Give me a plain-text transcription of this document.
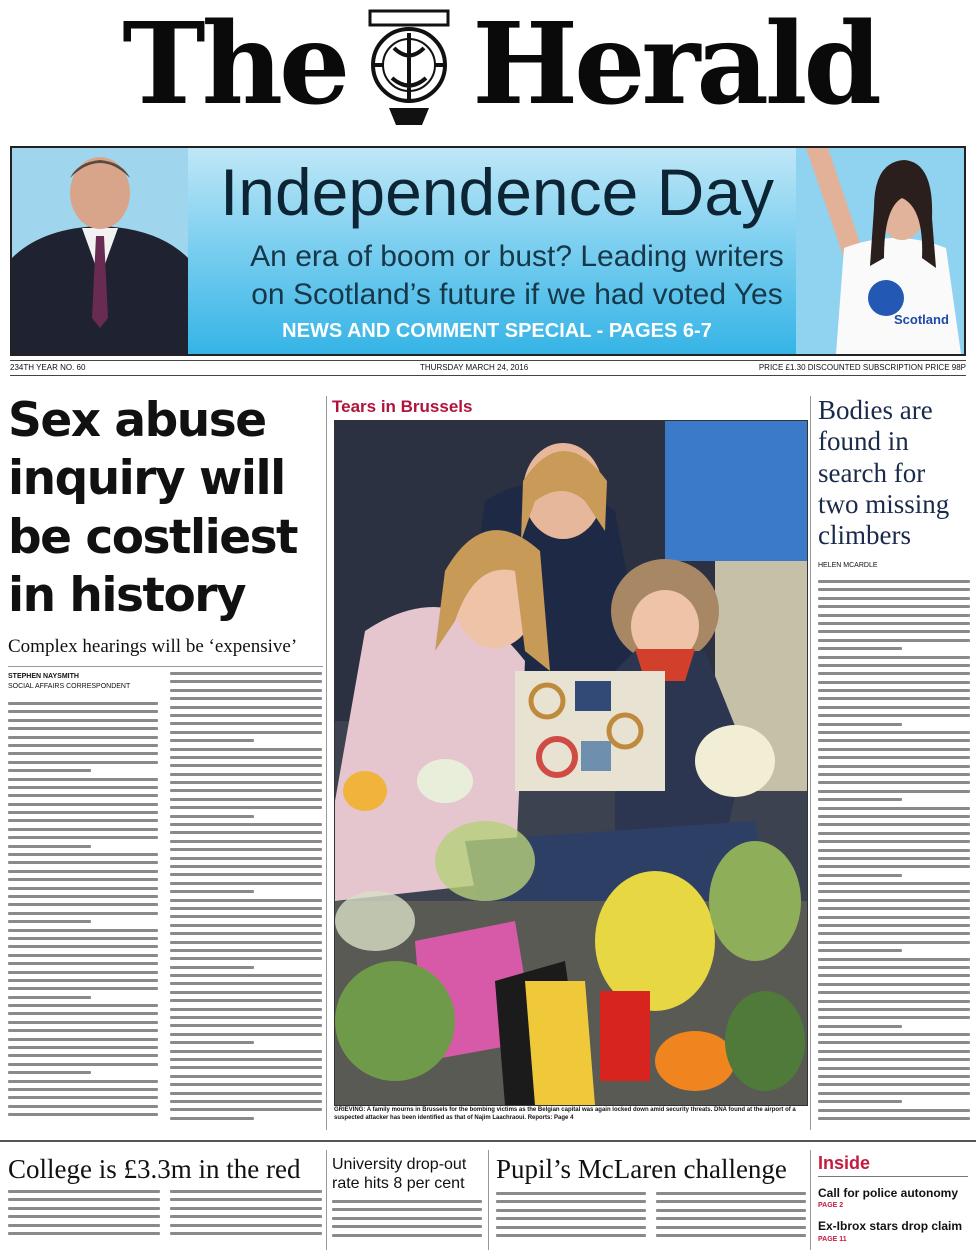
The Herald
Independence Day
An era of boom or bust? Leading writers
on Scotland’s future if we had voted Yes
NEWS AND COMMENT SPECIAL - PAGES 6-7
Scotland
234TH YEAR NO. 60	THURSDAY MARCH 24, 2016	PRICE £1.30 DISCOUNTED SUBSCRIPTION PRICE 98P
Sex abuse inquiry will be costliest in history
Complex hearings will be ‘expensive’
STEPHEN NAYSMITH
SOCIAL AFFAIRS CORRESPONDENT
Tears in Brussels
GRIEVING: A family mourns in Brussels for the bombing victims as the Belgian capital was again locked down amid security threats. DNA found at the airport of a suspected attacker has been identified as that of Najim Laachraoui. Reports: Page 4
Bodies are found in search for two missing climbers
HELEN MCARDLE
College is £3.3m in the red University drop-out rate hits 8 per cent	Pupil’s McLaren challenge Inside
Call for police autonomy
PAGE 2
Ex-Ibrox stars drop claim
PAGE 11
